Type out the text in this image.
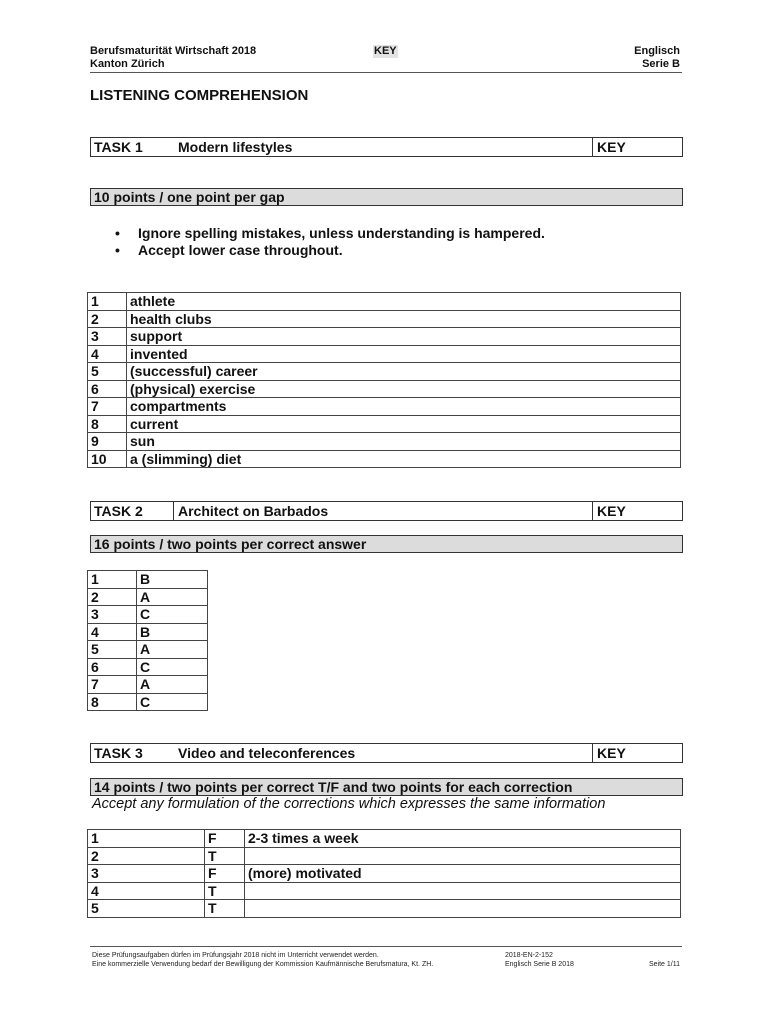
Berufsmaturität Wirtschaft 2018
Kanton Zürich
KEY	Englisch
Serie B
LISTENING COMPREHENSION
TASK 1	Modern lifestyles	KEY
10 points / one point per gap
• Ignore spelling mistakes, unless understanding is hampered.
• Accept lower case throughout.
1	athlete
2	health clubs
3	support
4	invented
5	(successful) career
6	(physical) exercise
7	compartments
8	current
9	sun
10	a (slimming) diet
TASK 2	Architect on Barbados	KEY
16 points / two points per correct answer
1	B
2	A
3	C
4	B
5	A
6	C
7	A
8	C
TASK 3	Video and teleconferences	KEY
14 points / two points per correct T/F and two points for each correction
Accept any formulation of the corrections which expresses the same information
1	F	2-3 times a week
2	T	
3	F	(more) motivated
4	T	
5	T	
Diese Prüfungsaufgaben dürfen im Prüfungsjahr 2018 nicht im Unterricht verwendet werden.
Eine kommerzielle Verwendung bedarf der Bewilligung der Kommission Kaufmännische Berufsmatura, Kt. ZH.
2018-EN-2-152
Englisch Serie B 2018	Seite 1/11
